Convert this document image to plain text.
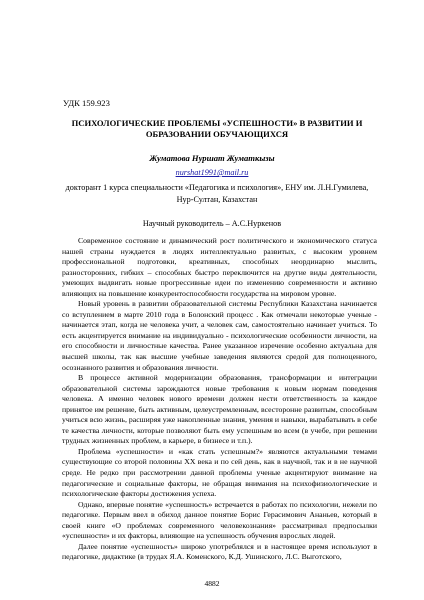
УДК 159.923
ПСИХОЛОГИЧЕСКИЕ ПРОБЛЕМЫ «УСПЕШНОСТИ» В РАЗВИТИИ И ОБРАЗОВАНИИ ОБУЧАЮЩИХСЯ
Жуматова Нуршат Жуматкызы
nurshat1991@mail.ru
докторант 1 курса специальности «Педагогика и психология», ЕНУ им. Л.Н.Гумилева, Нур-Султан, Казахстан
Научный руководитель – А.С.Нуркенов

Современное состояние и динамический рост политического и экономического статуса нашей страны нуждается в людях интеллектуально развитых, с высоким уровнем профессиональной подготовки, креативных, способных неординарно мыслить, разносторонних, гибких – способных быстро переключится на другие виды деятельности, умеющих выдвигать новые прогрессивные идеи по изменению современности и активно влияющих на повышение конкурентоспособности государства на мировом уровне.

Новый уровень в развитии образовательной системы Республики Казахстана начинается со вступлением в марте 2010 года в Болонский процесс . Как отмечали некоторые ученые - начинается этап, когда не человека учит, а человек сам, самостоятельно начинает учиться. То есть акцентируется внимание на индивидуально - психологические особенности личности, на его способности и личностные качества. Ранее указанное изречение особенно актуальна для высшей школы, так как высшие учебные заведения являются средой для полноценного, осознанного развития и образования личности.

В процессе активной модернизации образования, трансформации и интеграции образовательной системы зарождаются новые требования к новым нормам поведения человека. А именно человек нового времени должен нести ответственность за каждое принятое им решение, быть активным, целеустремленным, всесторонне развитым, способным учиться всю жизнь, расширяя уже накопленные знания, умения и навыки, вырабатывать в себе те качества личности, которые позволяют быть ему успешным во всем (в учебе, при решении трудных жизненных проблем, в карьере, в бизнесе и т.п.).

Проблема «успешности» и «как стать успешным?» являются актуальными темами существующие со второй половины XX века и по сей день, как в научной, так и в не научной среде. Не редко при рассмотрении данной проблемы ученые акцентируют внимание на педагогические и социальные факторы, не обращая внимания на психофизиологические и психологические факторы достижения успеха.

Однако, впервые понятие «успешность» встречается в работах по психологии, нежели по педагогике. Первым ввел в обиход данное понятие Борис Герасимович Ананьев, который в своей книге «О проблемах современного человекознания» рассматривал предпосылки «успешности» и их факторы, влияющие на успешность обучения взрослых людей.

Далее понятие «успешность» широко употреблялся и в настоящее время используют в педагогике, дидактике (в трудах Я.А. Коменского, К.Д. Ушинского, Л.С. Выготского,

4882
